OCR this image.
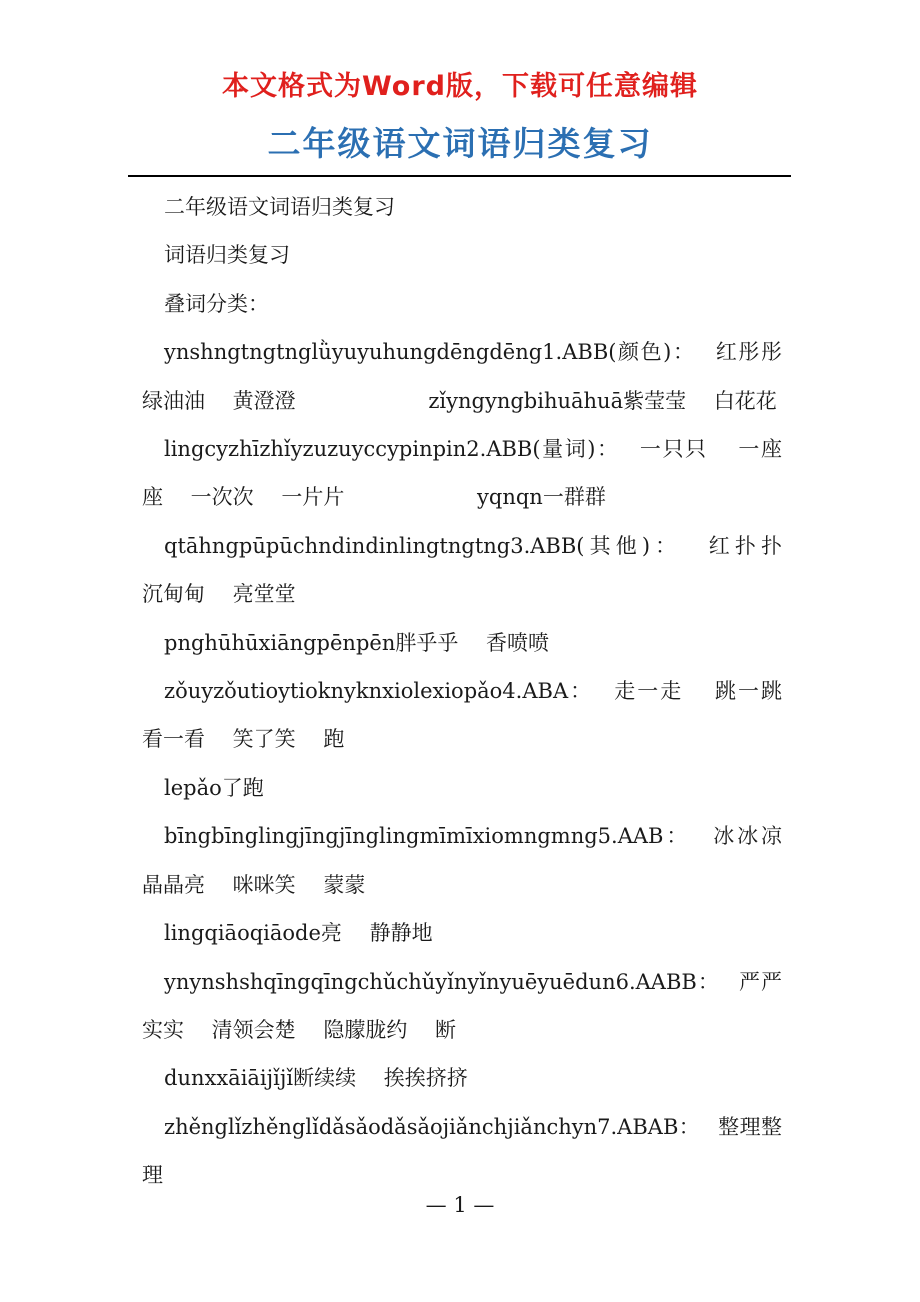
本文格式为Word版，下载可任意编辑
二年级语文词语归类复习

二年级语文词语归类复习

词语归类复习

叠词分类：

ynshngtngtnglǜyuyuhungdēngdēng1.ABB(颜色)：　 红彤彤　 绿油油　 黄澄澄　　　　　　 zǐyngyngbihuāhuā紫莹莹　 白花花

lingcyzhīzhǐyzuzuyccypinpin2.ABB(量词)：　 一只只　 一座座　 一次次　 一片片　　　　　　 yqnqn一群群

qtāhngpūpūchndindinlingtngtng3.ABB(其他)：　 红扑扑　 沉甸甸　 亮堂堂

pnghūhūxiāngpēnpēn胖乎乎　 香喷喷

zǒuyzǒutioytioknyknxiolexiopǎo4.ABA：　 走一走　 跳一跳　 看一看　 笑了笑　 跑

lepǎo了跑

bīngbīnglingjīngjīnglingmīmīxiomngmng5.AAB：　 冰冰凉　 晶晶亮　 咪咪笑　 蒙蒙

lingqiāoqiāode亮　 静静地

ynynshshqīngqīngchǔchǔyǐnyǐnyuēyuēdun6.AABB：　 严严实实　 清领会楚　 隐朦胧约　 断

dunxxāiāijǐjǐ断续续　 挨挨挤挤

zhěnglǐzhěnglǐdǎsǎodǎsǎojiǎnchjiǎnchyn7.ABAB：　 整理整理

— 1 —
